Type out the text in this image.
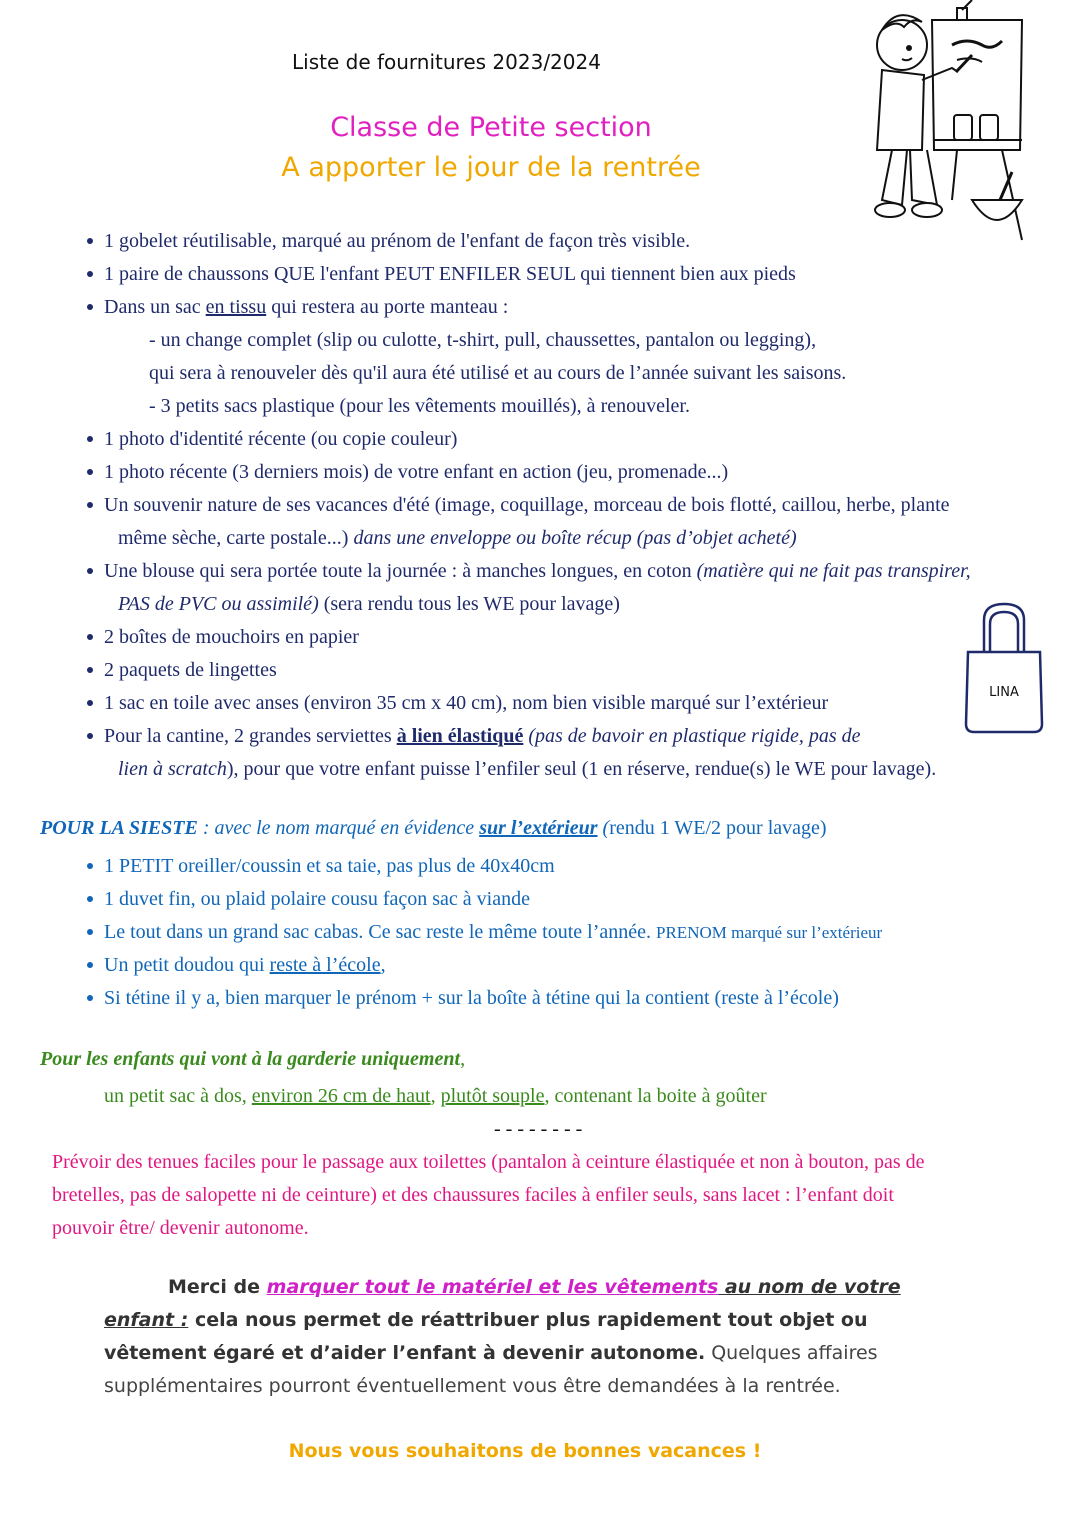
Liste de fournitures 2023/2024
Classe de Petite section
A apporter le jour de la rentrée
1 gobelet réutilisable, marqué au prénom de l'enfant de façon très visible.
1 paire de chaussons QUE l'enfant PEUT ENFILER SEUL qui tiennent bien aux pieds
Dans un sac en tissu qui restera au porte manteau :
- un change complet (slip ou culotte, t-shirt, pull, chaussettes, pantalon ou legging),
qui sera à renouveler dès qu'il aura été utilisé et au cours de l’année suivant les saisons.
- 3 petits sacs plastique (pour les vêtements mouillés), à renouveler.
1 photo d'identité récente (ou copie couleur)
1 photo récente (3 derniers mois) de votre enfant en action (jeu, promenade...)
Un souvenir nature de ses vacances d'été (image, coquillage, morceau de bois flotté, caillou, herbe, plante
même sèche, carte postale...) dans une enveloppe ou boîte récup (pas d’objet acheté)
Une blouse qui sera portée toute la journée : à manches longues, en coton (matière qui ne fait pas transpirer,
PAS de PVC ou assimilé) (sera rendu tous les WE pour lavage)
2 boîtes de mouchoirs en papier
2 paquets de lingettes
1 sac en toile avec anses (environ 35 cm x 40 cm), nom bien visible marqué sur l’extérieur
Pour la cantine, 2 grandes serviettes à lien élastiqué (pas de bavoir en plastique rigide, pas de
lien à scratch), pour que votre enfant puisse l’enfiler seul (1 en réserve, rendue(s) le WE pour lavage).
LINA
POUR LA SIESTE : avec le nom marqué en évidence sur l’extérieur (rendu 1 WE/2 pour lavage)
1 PETIT oreiller/coussin et sa taie, pas plus de 40x40cm
1 duvet fin, ou plaid polaire cousu façon sac à viande
Le tout dans un grand sac cabas. Ce sac reste le même toute l’année. PRENOM marqué sur l’extérieur
Un petit doudou qui reste à l’école,
Si tétine il y a, bien marquer le prénom + sur la boîte à tétine qui la contient (reste à l’école)
Pour les enfants qui vont à la garderie uniquement,
un petit sac à dos, environ 26 cm de haut, plutôt souple, contenant la boite à goûter
- - - - - - - -
Prévoir des tenues faciles pour le passage aux toilettes (pantalon à ceinture élastiquée et non à bouton, pas de
bretelles, pas de salopette ni de ceinture) et des chaussures faciles à enfiler seuls, sans lacet : l’enfant doit
pouvoir être/ devenir autonome.
Merci de marquer tout le matériel et les vêtements au nom de votre
enfant : cela nous permet de réattribuer plus rapidement tout objet ou
vêtement égaré et d’aider l’enfant à devenir autonome. Quelques affaires
supplémentaires pourront éventuellement vous être demandées à la rentrée.
Nous vous souhaitons de bonnes vacances !
